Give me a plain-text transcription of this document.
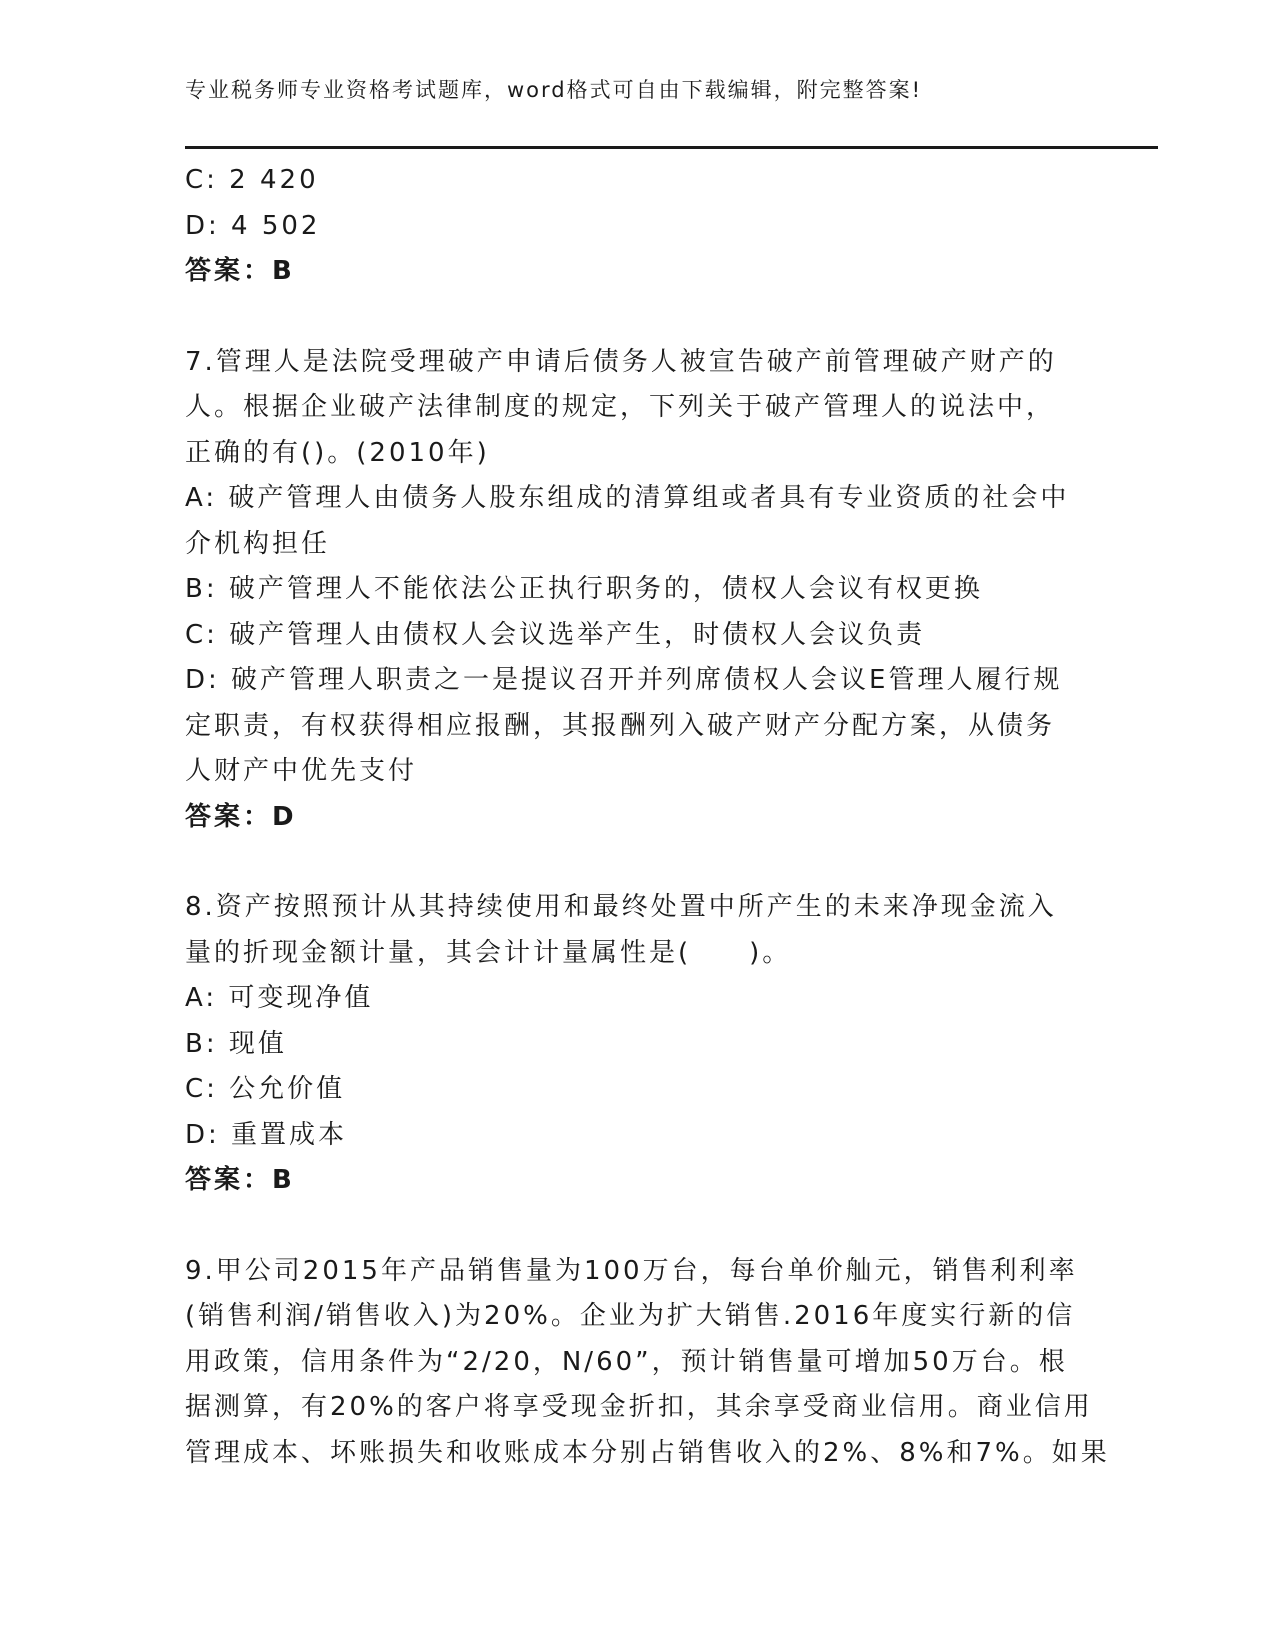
专业税务师专业资格考试题库，word格式可自由下载编辑，附完整答案!
C: 2 420
D: 4 502
答案：B
7.管理人是法院受理破产申请后债务人被宣告破产前管理破产财产的
人。根据企业破产法律制度的规定，下列关于破产管理人的说法中，
正确的有()。(2010年)
A: 破产管理人由债务人股东组成的清算组或者具有专业资质的社会中
介机构担任
B: 破产管理人不能依法公正执行职务的，债权人会议有权更换
C: 破产管理人由债权人会议选举产生，时债权人会议负责
D: 破产管理人职责之一是提议召开并列席债权人会议E管理人履行规
定职责，有权获得相应报酬，其报酬列入破产财产分配方案，从债务
人财产中优先支付
答案：D
8.资产按照预计从其持续使用和最终处置中所产生的未来净现金流入
量的折现金额计量，其会计计量属性是(　　)。
A: 可变现净值
B: 现值
C: 公允价值
D: 重置成本
答案：B
9.甲公司2015年产品销售量为100万台，每台单价舢元，销售利利率
(销售利润/销售收入)为20%。企业为扩大销售.2016年度实行新的信
用政策，信用条件为“2/20，N/60”，预计销售量可增加50万台。根
据测算，有20%的客户将享受现金折扣，其余享受商业信用。商业信用
管理成本、坏账损失和收账成本分别占销售收入的2%、8%和7%。如果
